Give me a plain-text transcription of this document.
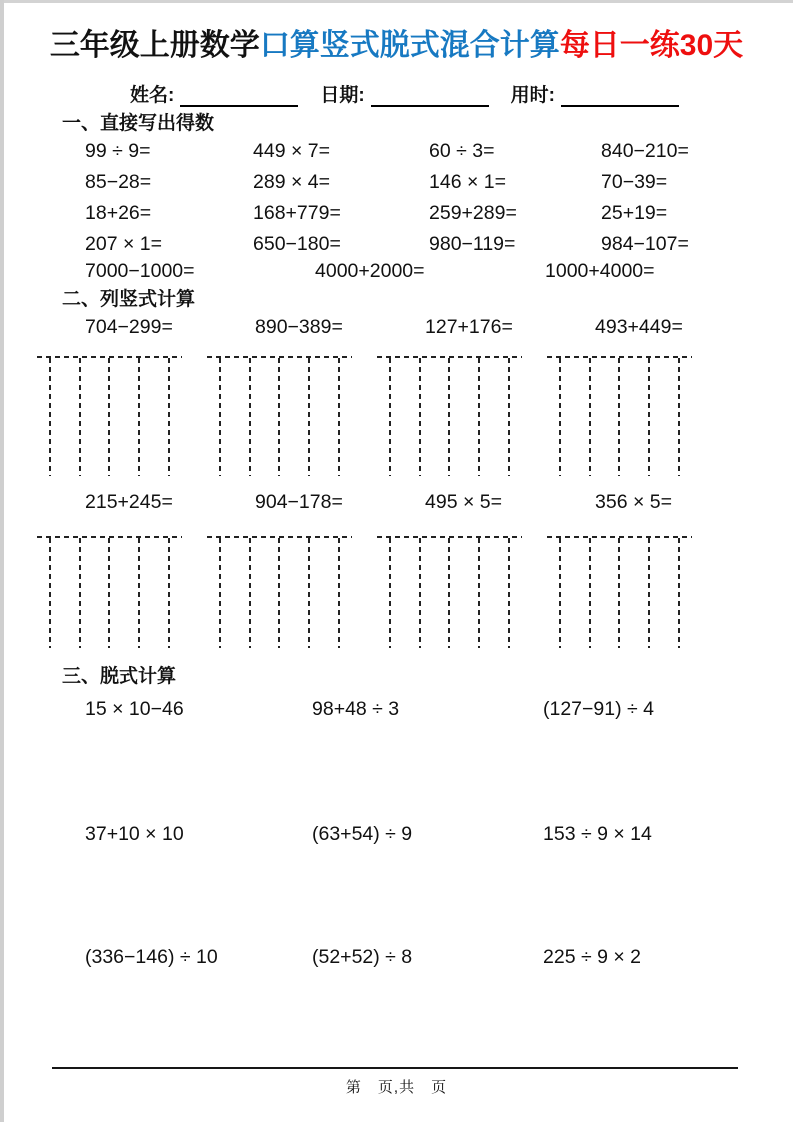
三年级上册数学口算竖式脱式混合计算每日一练30天
姓名:	日期:	用时:
一、直接写出得数
99 ÷ 9=	449 × 7=	60 ÷ 3=	840−210=
85−28=	289 × 4=	146 × 1=	70−39=
18+26=	168+779=	259+289=	25+19=
207 × 1=	650−180=	980−119=	984−107=
7000−1000=	4000+2000=	1000+4000=
二、列竖式计算
704−299=	890−389=	127+176=	493+449=
215+245=	904−178=	495 × 5=	356 × 5=
三、脱式计算
15 × 10−46	98+48 ÷ 3	(127−91) ÷ 4
37+10 × 10	(63+54) ÷ 9	153 ÷ 9 × 14
(336−146) ÷ 10	(52+52) ÷ 8	225 ÷ 9 × 2
第　页,共　页
